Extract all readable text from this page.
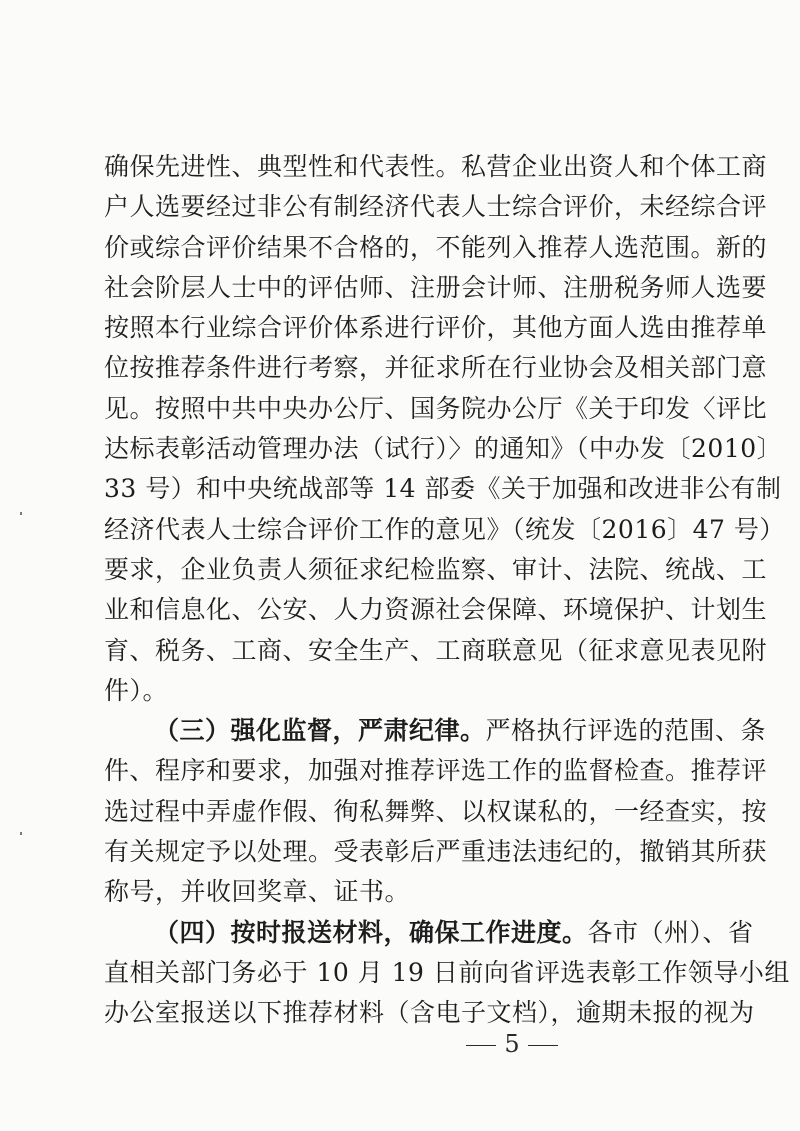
确保先进性、典型性和代表性。私营企业出资人和个体工商
户人选要经过非公有制经济代表人士综合评价，未经综合评
价或综合评价结果不合格的，不能列入推荐人选范围。新的
社会阶层人士中的评估师、注册会计师、注册税务师人选要
按照本行业综合评价体系进行评价，其他方面人选由推荐单
位按推荐条件进行考察，并征求所在行业协会及相关部门意
见。按照中共中央办公厅、国务院办公厅《关于印发〈评比
达标表彰活动管理办法（试行）〉的通知》（中办发〔2010〕
33 号）和中央统战部等 14 部委《关于加强和改进非公有制
经济代表人士综合评价工作的意见》（统发〔2016〕47 号）
要求，企业负责人须征求纪检监察、审计、法院、统战、工
业和信息化、公安、人力资源社会保障、环境保护、计划生
育、税务、工商、安全生产、工商联意见（征求意见表见附
件）。
（三）强化监督，严肃纪律。严格执行评选的范围、条
件、程序和要求，加强对推荐评选工作的监督检查。推荐评
选过程中弄虚作假、徇私舞弊、以权谋私的，一经查实，按
有关规定予以处理。受表彰后严重违法违纪的，撤销其所获
称号，并收回奖章、证书。
（四）按时报送材料，确保工作进度。各市（州）、省
直相关部门务必于 10 月 19 日前向省评选表彰工作领导小组
办公室报送以下推荐材料（含电子文档），逾期未报的视为
5
